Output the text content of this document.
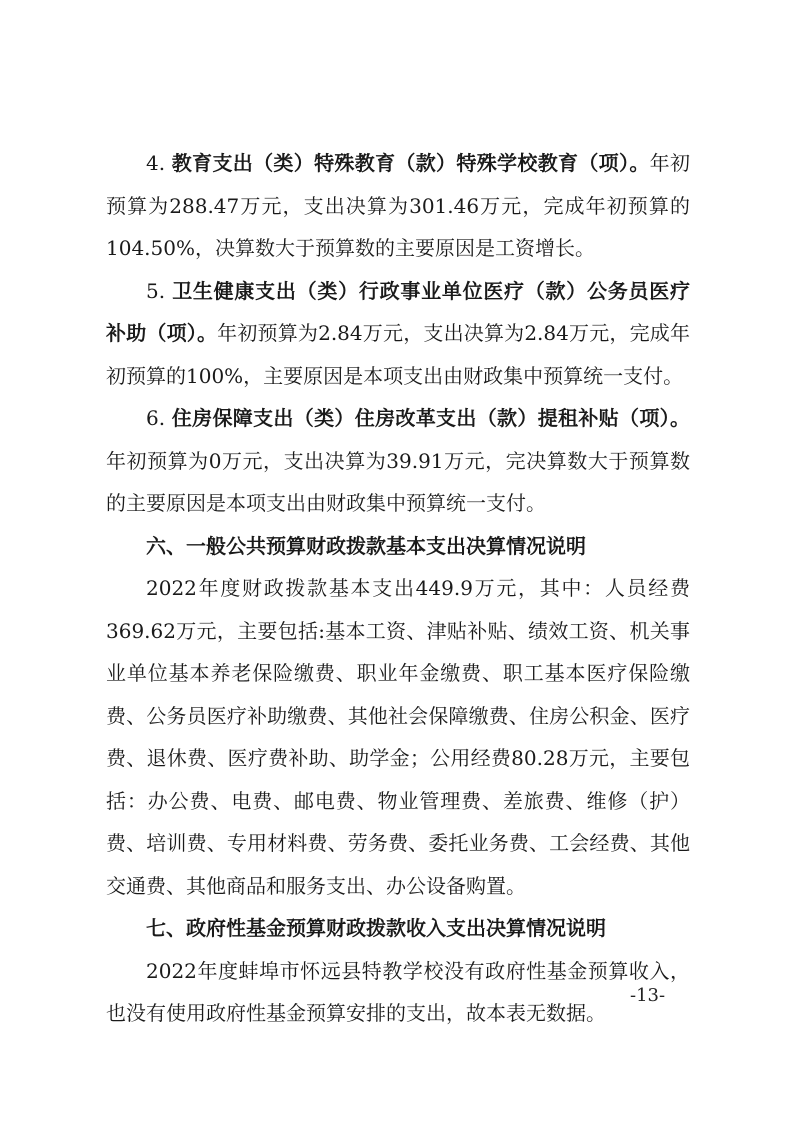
4. 教育支出（类）特殊教育（款）特殊学校教育（项）。年初预算为288.47万元，支出决算为301.46万元，完成年初预算的104.50%，决算数大于预算数的主要原因是工资增长。

5. 卫生健康支出（类）行政事业单位医疗（款）公务员医疗补助（项）。年初预算为2.84万元，支出决算为2.84万元，完成年初预算的100%，主要原因是本项支出由财政集中预算统一支付。

6. 住房保障支出（类）住房改革支出（款）提租补贴（项）。年初预算为0万元，支出决算为39.91万元，完决算数大于预算数的主要原因是本项支出由财政集中预算统一支付。

六、一般公共预算财政拨款基本支出决算情况说明

2022年度财政拨款基本支出449.9万元，其中：人员经费369.62万元，主要包括:基本工资、津贴补贴、绩效工资、机关事业单位基本养老保险缴费、职业年金缴费、职工基本医疗保险缴费、公务员医疗补助缴费、其他社会保障缴费、住房公积金、医疗费、退休费、医疗费补助、助学金；公用经费80.28万元，主要包括：办公费、电费、邮电费、物业管理费、差旅费、维修（护）费、培训费、专用材料费、劳务费、委托业务费、工会经费、其他交通费、其他商品和服务支出、办公设备购置。

七、政府性基金预算财政拨款收入支出决算情况说明

2022年度蚌埠市怀远县特教学校没有政府性基金预算收入，也没有使用政府性基金预算安排的支出，故本表无数据。

-13-
